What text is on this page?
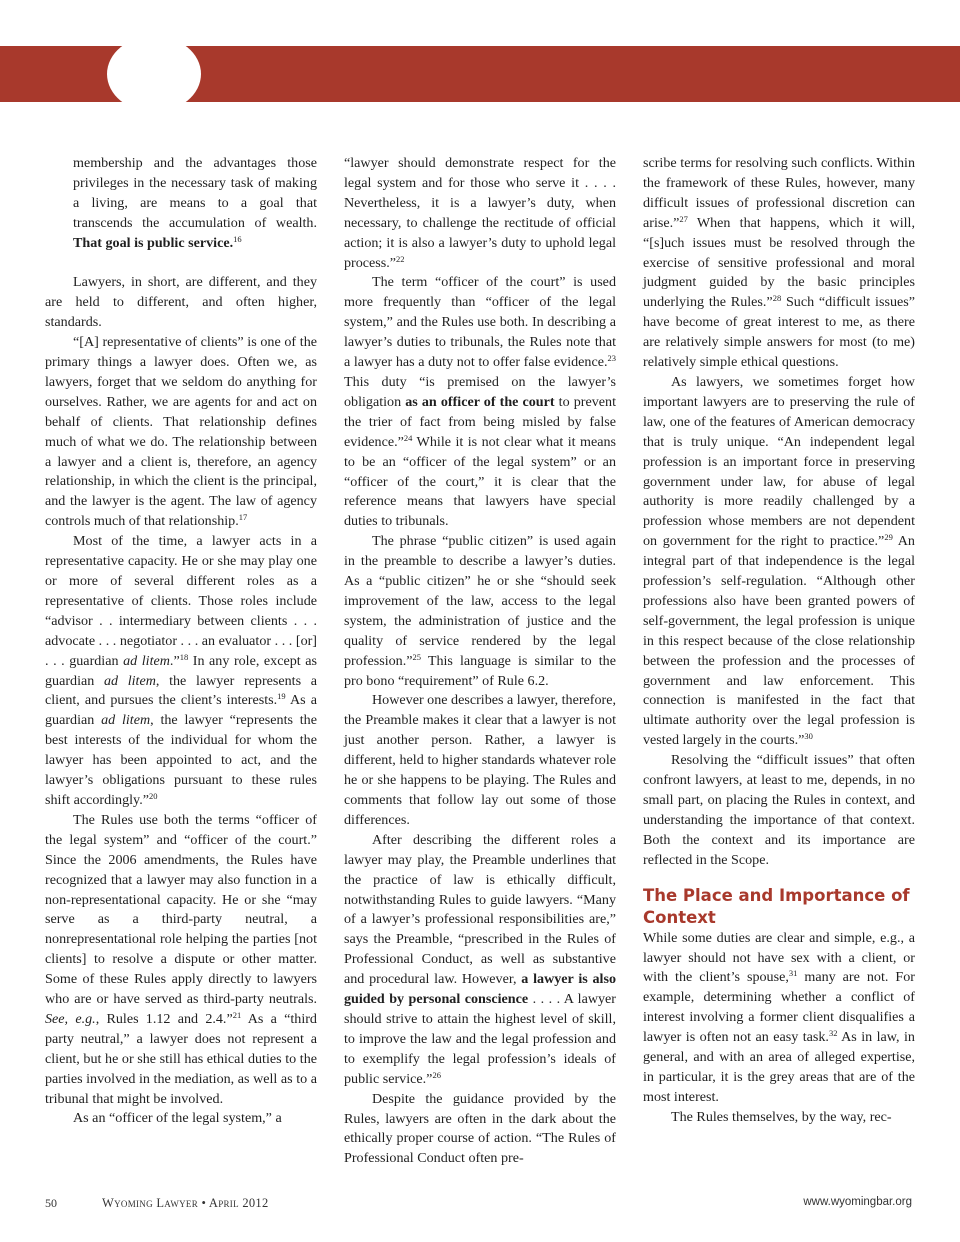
membership and the advantages those privileges in the necessary task of making a living, are means to a goal that transcends the accumulation of wealth. That goal is public service.$^{16}$

Lawyers, in short, are different, and they are held to different, and often higher, standards.

“[A] representative of clients” is one of the primary things a lawyer does. Often we, as lawyers, forget that we seldom do anything for ourselves. Rather, we are agents for and act on behalf of clients. That relationship defines much of what we do. The relationship between a lawyer and a client is, therefore, an agency relationship, in which the client is the principal, and the lawyer is the agent. The law of agency controls much of that relationship.$^{17}$

Most of the time, a lawyer acts in a representative capacity. He or she may play one or more of several different roles as a representative of clients. Those roles include “advisor . . intermediary between clients . . . advocate . . . negotiator . . . an evaluator . . . [or] . . . guardian ad litem.”$^{18}$ In any role, except as guardian ad litem, the lawyer represents a client, and pursues the client’s interests.$^{19}$ As a guardian ad litem, the lawyer “represents the best interests of the individual for whom the lawyer has been appointed to act, and the lawyer’s obligations pursuant to these rules shift accordingly.”$^{20}$

The Rules use both the terms “officer of the legal system” and “officer of the court.” Since the 2006 amendments, the Rules have recognized that a lawyer may also function in a non-representational capacity. He or she “may serve as a third-party neutral, a nonrepresentational role helping the parties [not clients] to resolve a dispute or other matter. Some of these Rules apply directly to lawyers who are or have served as third-party neutrals. See, e.g., Rules 1.12 and 2.4.”$^{21}$ As a “third party neutral,” a lawyer does not represent a client, but he or she still has ethical duties to the parties involved in the mediation, as well as to a tribunal that might be involved.

As an “officer of the legal system,” a

“lawyer should demonstrate respect for the legal system and for those who serve it . . . . Nevertheless, it is a lawyer’s duty, when necessary, to challenge the rectitude of official action; it is also a lawyer’s duty to uphold legal process.”$^{22}$

The term “officer of the court” is used more frequently than “officer of the legal system,” and the Rules use both. In describing a lawyer’s duties to tribunals, the Rules note that a lawyer has a duty not to offer false evidence.$^{23}$ This duty “is premised on the lawyer’s obligation as an officer of the court to prevent the trier of fact from being misled by false evidence.”$^{24}$ While it is not clear what it means to be an “officer of the legal system” or an “officer of the court,” it is clear that the reference means that lawyers have special duties to tribunals.

The phrase “public citizen” is used again in the preamble to describe a lawyer’s duties. As a “public citizen” he or she “should seek improvement of the law, access to the legal system, the administration of justice and the quality of service rendered by the legal profession.”$^{25}$ This language is similar to the pro bono “requirement” of Rule 6.2.

However one describes a lawyer, therefore, the Preamble makes it clear that a lawyer is not just another person. Rather, a lawyer is different, held to higher standards whatever role he or she happens to be playing. The Rules and comments that follow lay out some of those differences.

After describing the different roles a lawyer may play, the Preamble underlines that the practice of law is ethically difficult, notwithstanding Rules to guide lawyers. “Many of a lawyer’s professional responsibilities are,” says the Preamble, “prescribed in the Rules of Professional Conduct, as well as substantive and procedural law. However, a lawyer is also guided by personal conscience . . . . A lawyer should strive to attain the highest level of skill, to improve the law and the legal profession and to exemplify the legal profession’s ideals of public service.”$^{26}$

Despite the guidance provided by the Rules, lawyers are often in the dark about the ethically proper course of action. “The Rules of Professional Conduct often pre-

scribe terms for resolving such conflicts. Within the framework of these Rules, however, many difficult issues of professional discretion can arise.”$^{27}$ When that happens, which it will, “[s]uch issues must be resolved through the exercise of sensitive professional and moral judgment guided by the basic principles underlying the Rules.”$^{28}$ Such “difficult issues” have become of great interest to me, as there are relatively simple answers for most (to me) relatively simple ethical questions.

As lawyers, we sometimes forget how important lawyers are to preserving the rule of law, one of the features of American democracy that is truly unique. “An independent legal profession is an important force in preserving government under law, for abuse of legal authority is more readily challenged by a profession whose members are not dependent on government for the right to practice.”$^{29}$ An integral part of that independence is the legal profession’s self-regulation. “Although other professions also have been granted powers of self-government, the legal profession is unique in this respect because of the close relationship between the profession and the processes of government and law enforcement. This connection is manifested in the fact that ultimate authority over the legal profession is vested largely in the courts.”$^{30}$

Resolving the “difficult issues” that often confront lawyers, at least to me, depends, in no small part, on placing the Rules in context, and understanding the importance of that context. Both the context and its importance are reflected in the Scope.

The Place and Importance of Context

While some duties are clear and simple, e.g., a lawyer should not have sex with a client, or with the client’s spouse,$^{31}$ many are not. For example, determining whether a conflict of interest involving a former client disqualifies a lawyer is often not an easy task.$^{32}$ As in law, in general, and with an area of alleged expertise, in particular, it is the grey areas that are of the most interest.

The Rules themselves, by the way, rec-

50	Wyoming Lawyer • April 2012	www.wyomingbar.org
